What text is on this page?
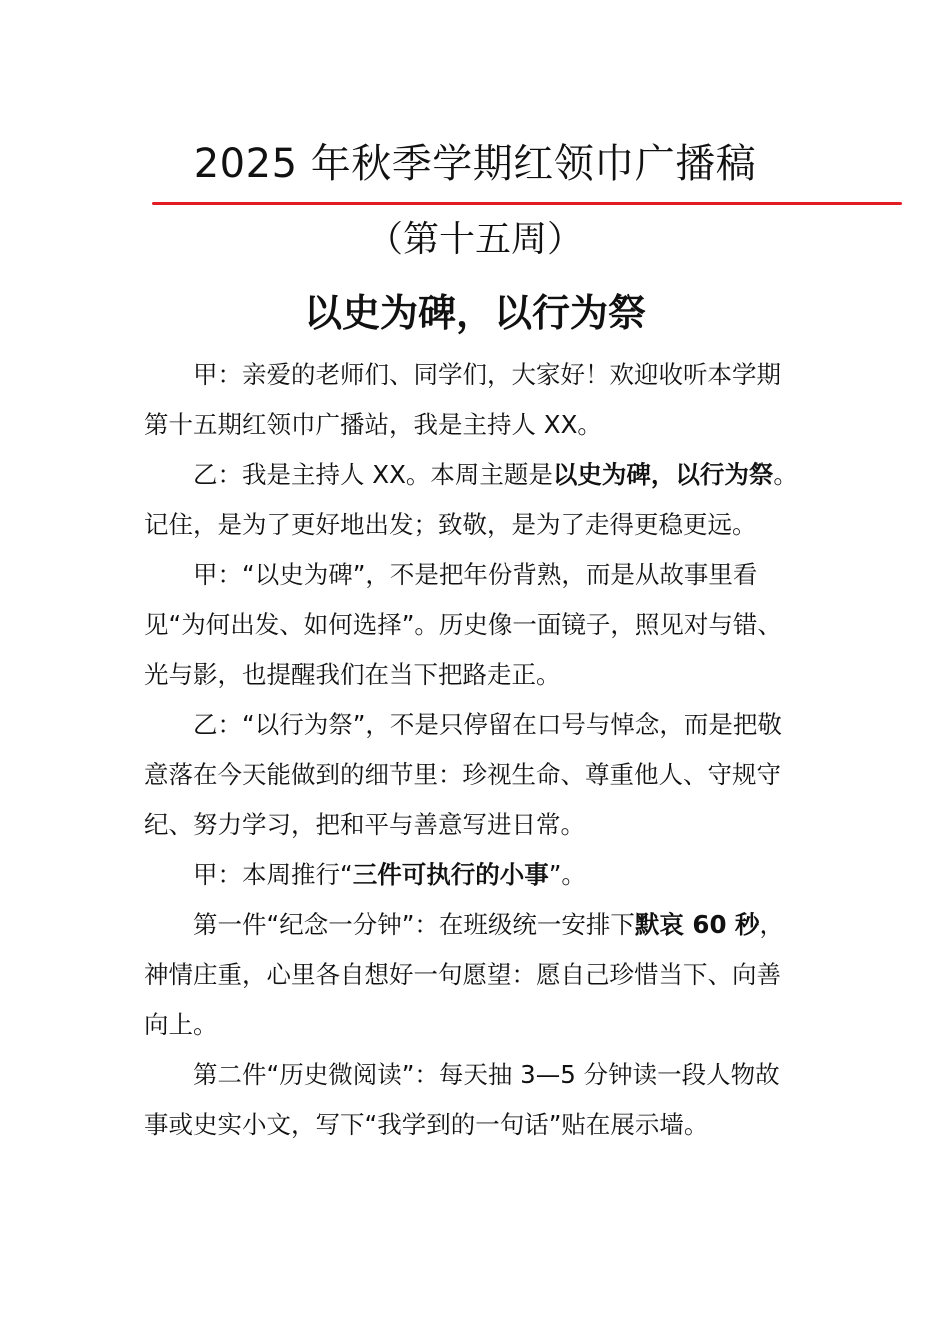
2025 年秋季学期红领巾广播稿
（第十五周）
以史为碑，以行为祭

甲：亲爱的老师们、同学们，大家好！欢迎收听本学期第十五期红领巾广播站，我是主持人 XX。

乙：我是主持人 XX。本周主题是以史为碑，以行为祭。记住，是为了更好地出发；致敬，是为了走得更稳更远。

甲：“以史为碑”，不是把年份背熟，而是从故事里看见“为何出发、如何选择”。历史像一面镜子，照见对与错、光与影，也提醒我们在当下把路走正。

乙：“以行为祭”，不是只停留在口号与悼念，而是把敬意落在今天能做到的细节里：珍视生命、尊重他人、守规守纪、努力学习，把和平与善意写进日常。

甲：本周推行“三件可执行的小事”。

第一件“纪念一分钟”：在班级统一安排下默哀 60 秒，神情庄重，心里各自想好一句愿望：愿自己珍惜当下、向善向上。

第二件“历史微阅读”：每天抽 3—5 分钟读一段人物故事或史实小文，写下“我学到的一句话”贴在展示墙。
